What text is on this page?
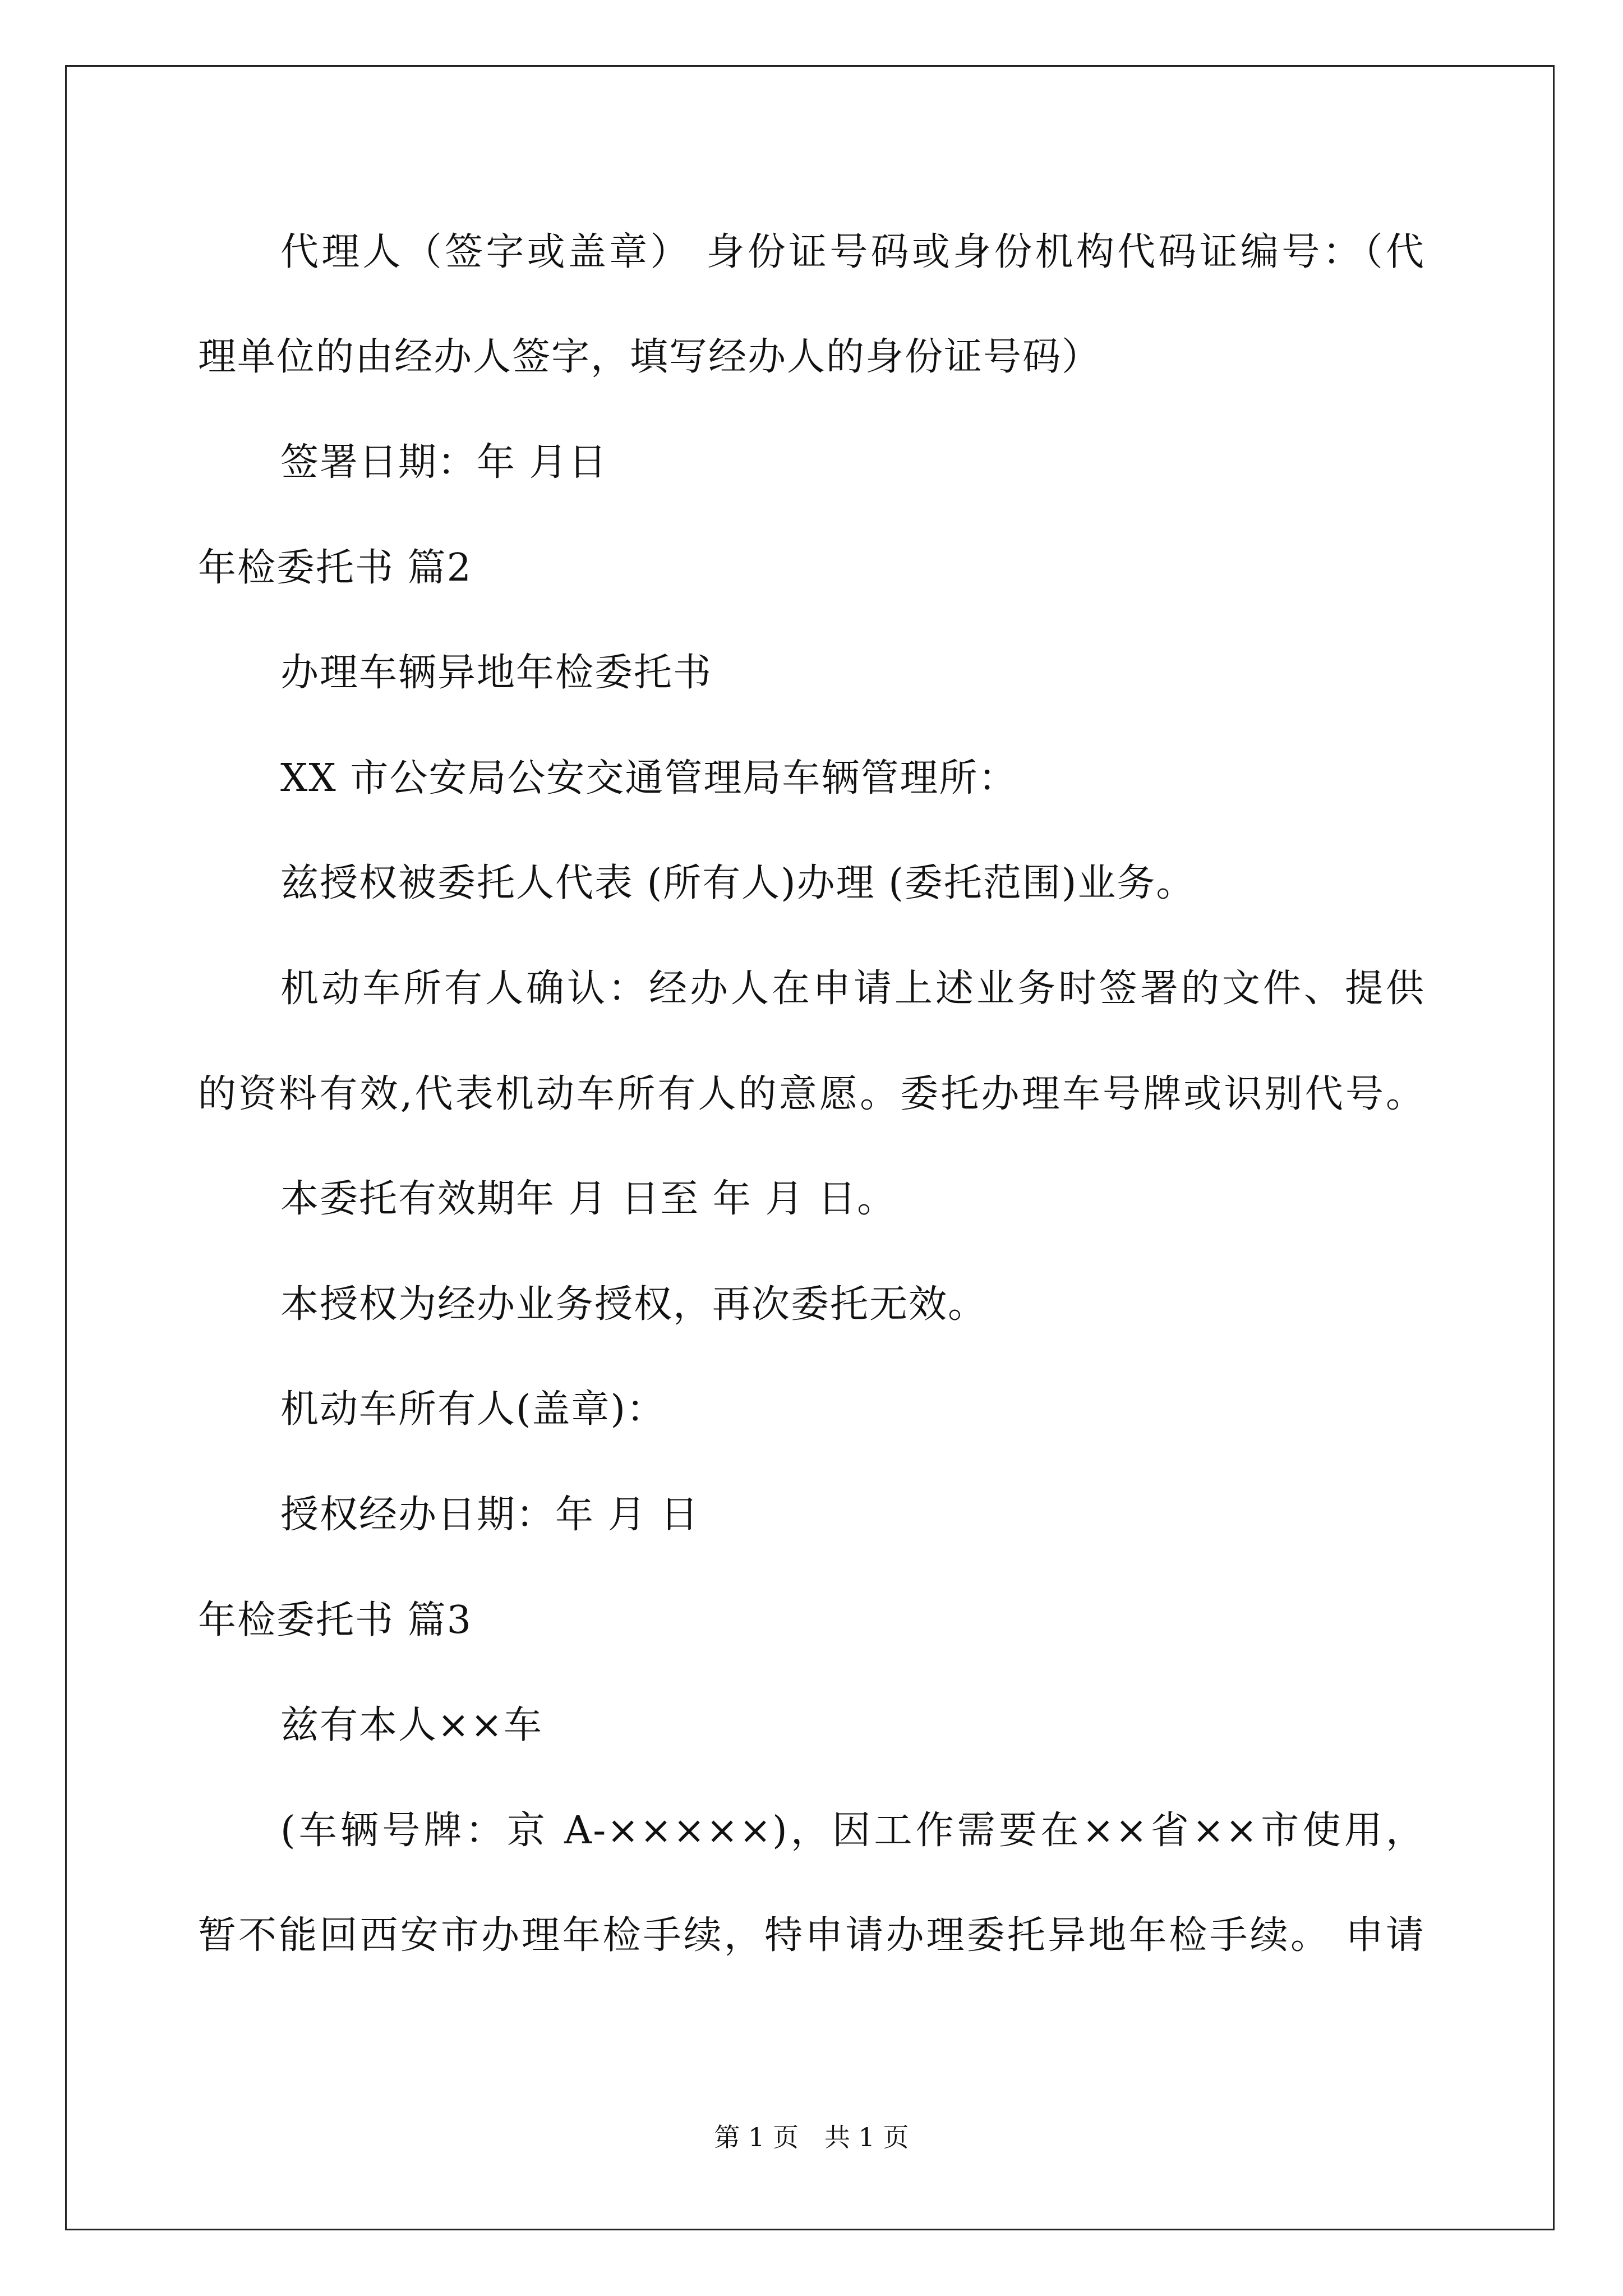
代理人（签字或盖章） 身份证号码或身份机构代码证编号：（代
理单位的由经办人签字，填写经办人的身份证号码）
签署日期：年 月日
年检委托书 篇2
办理车辆异地年检委托书
XX 市公安局公安交通管理局车辆管理所：
兹授权被委托人代表 (所有人)办理 (委托范围)业务。
机动车所有人确认：经办人在申请上述业务时签署的文件、提供
的资料有效,代表机动车所有人的意愿。委托办理车号牌或识别代号。
本委托有效期年 月 日至 年 月 日。
本授权为经办业务授权，再次委托无效。
机动车所有人(盖章)：
授权经办日期：年 月 日
年检委托书 篇3
兹有本人××车
(车辆号牌：京 A-×××××)，因工作需要在××省××市使用，
暂不能回西安市办理年检手续，特申请办理委托异地年检手续。 申请
第 1 页　共 1 页
